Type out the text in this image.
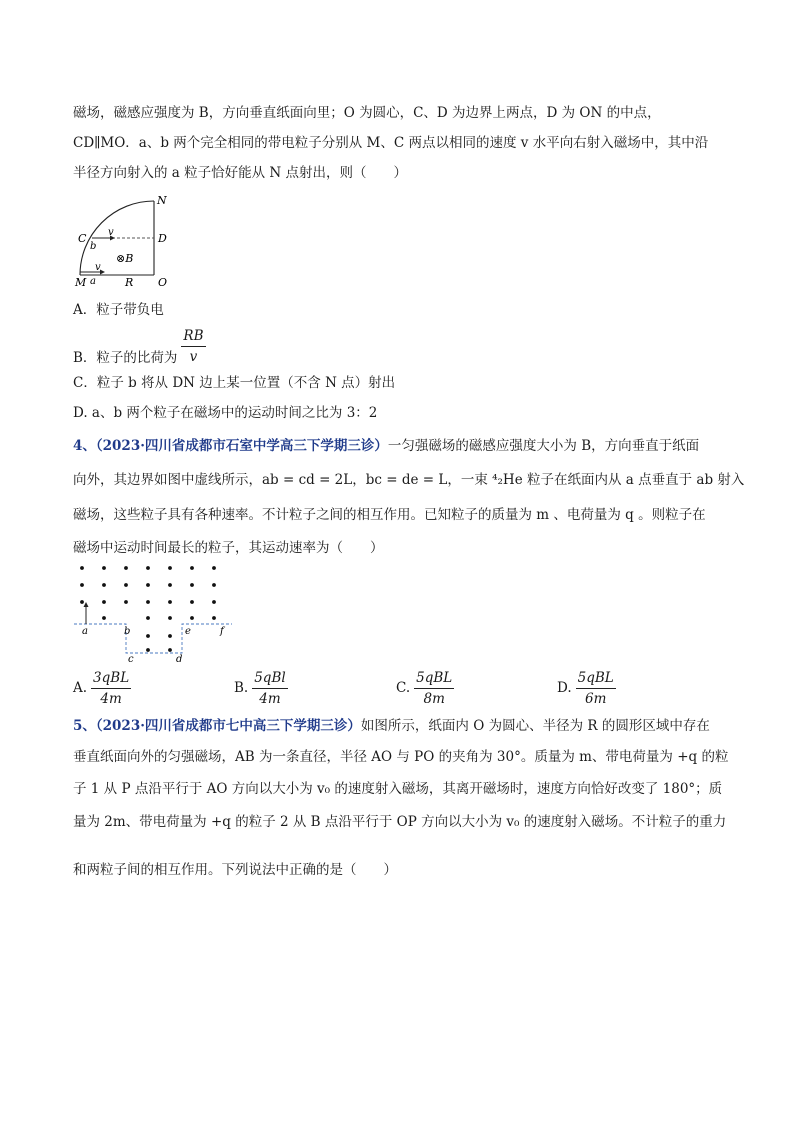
磁场，磁感应强度为 B，方向垂直纸面向里；O 为圆心，C、D 为边界上两点，D 为 ON 的中点，
CD∥MO．a、b 两个完全相同的带电粒子分别从 M、C 两点以相同的速度 v 水平向右射入磁场中，其中沿
半径方向射入的 a 粒子恰好能从 N 点射出，则（　　）
N
C	D
b
v
⊗B
M a
v
R O
A．粒子带负电
B．粒子的比荷为 $\frac{RB}{v}$
C．粒子 b 将从 DN 边上某一位置（不含 N 点）射出
D. a、b 两个粒子在磁场中的运动时间之比为 3：2
4、（2023·四川省成都市石室中学高三下学期三诊）一匀强磁场的磁感应强度大小为 B，方向垂直于纸面
向外，其边界如图中虚线所示，ab = cd = 2L，bc = de = L，一束 ⁴₂He 粒子在纸面内从 a 点垂直于 ab 射入
磁场，这些粒子具有各种速率。不计粒子之间的相互作用。已知粒子的质量为 m 、电荷量为 q 。则粒子在
磁场中运动时间最长的粒子，其运动速率为（　　）
a	b
c	d
e	f
A. $\frac{\text{3qBL}}{4m}$	B. $\frac{\text{5qBl}}{4m}$	C. $\frac{\text{5qBL}}{8m}$	D. $\frac{\text{5qBL}}{6m}$
5、（2023·四川省成都市七中高三下学期三诊）如图所示，纸面内 O 为圆心、半径为 R 的圆形区域中存在
垂直纸面向外的匀强磁场，AB 为一条直径，半径 AO 与 PO 的夹角为 30°。质量为 m、带电荷量为 +q 的粒
子 1 从 P 点沿平行于 AO 方向以大小为 v₀ 的速度射入磁场，其离开磁场时，速度方向恰好改变了 180°；质
量为 2m、带电荷量为 +q 的粒子 2 从 B 点沿平行于 OP 方向以大小为 v₀ 的速度射入磁场。不计粒子的重力
和两粒子间的相互作用。下列说法中正确的是（　　）
